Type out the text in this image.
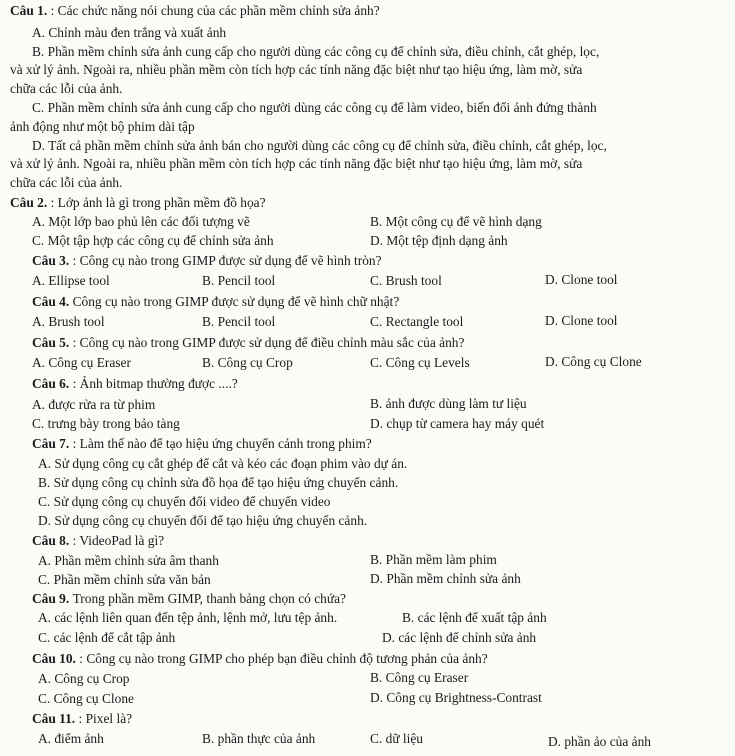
Câu 1. : Các chức năng nói chung của các phần mềm chỉnh sửa ảnh?
A. Chỉnh màu đen trắng và xuất ảnh
B. Phần mềm chỉnh sửa ảnh cung cấp cho người dùng các công cụ để chỉnh sửa, điều chỉnh, cắt ghép, lọc,
và xử lý ảnh. Ngoài ra, nhiều phần mềm còn tích hợp các tính năng đặc biệt như tạo hiệu ứng, làm mờ, sửa
chữa các lỗi của ảnh.
C. Phần mềm chỉnh sửa ảnh cung cấp cho người dùng các công cụ để làm video, biến đổi ảnh đứng thành
ảnh động như một bộ phim dài tập
D. Tất cả phần mềm chỉnh sửa ảnh bán cho người dùng các công cụ để chỉnh sửa, điều chỉnh, cắt ghép, lọc,
và xử lý ảnh. Ngoài ra, nhiều phần mềm còn tích hợp các tính năng đặc biệt như tạo hiệu ứng, làm mờ, sửa
chữa các lỗi của ảnh.
Câu 2. : Lớp ảnh là gì trong phần mềm đồ họa?
A. Một lớp bao phủ lên các đối tượng vẽ	B. Một công cụ để vẽ hình dạng
C. Một tập hợp các công cụ để chỉnh sửa ảnh	D. Một tệp định dạng ảnh
Câu 3. : Công cụ nào trong GIMP được sử dụng để vẽ hình tròn?
A. Ellipse tool	B. Pencil tool	C. Brush tool	D. Clone tool
Câu 4. Công cụ nào trong GIMP được sử dụng để vẽ hình chữ nhật?
A. Brush tool	B. Pencil tool	C. Rectangle tool	D. Clone tool
Câu 5. : Công cụ nào trong GIMP được sử dụng để điều chỉnh màu sắc của ảnh?
A. Công cụ Eraser	B. Công cụ Crop	C. Công cụ Levels	D. Công cụ Clone
Câu 6. : Ảnh bitmap thường được ....?
A. được rửa ra từ phim	B. ảnh được dùng làm tư liệu
C. trưng bày trong bảo tàng	D. chụp từ camera hay máy quét
Câu 7. : Làm thế nào để tạo hiệu ứng chuyển cảnh trong phim?
A. Sử dụng công cụ cắt ghép để cắt và kéo các đoạn phim vào dự án.
B. Sử dụng công cụ chỉnh sửa đồ họa để tạo hiệu ứng chuyển cảnh.
C. Sử dụng công cụ chuyển đổi video để chuyển video
D. Sử dụng công cụ chuyển đổi để tạo hiệu ứng chuyển cảnh.
Câu 8. : VideoPad là gì?
A. Phần mềm chỉnh sửa âm thanh	B. Phần mềm làm phim
C. Phần mềm chỉnh sửa văn bản	D. Phần mềm chỉnh sửa ảnh
Câu 9. Trong phần mềm GIMP, thanh bảng chọn có chứa?
A. các lệnh liên quan đến tệp ảnh, lệnh mở, lưu tệp ảnh.	B. các lệnh để xuất tập ảnh
C. các lệnh để cắt tập ảnh	D. các lệnh để chỉnh sửa ảnh
Câu 10. : Công cụ nào trong GIMP cho phép bạn điều chỉnh độ tương phản của ảnh?
A. Công cụ Crop	B. Công cụ Eraser
C. Công cụ Clone	D. Công cụ Brightness-Contrast
Câu 11. : Pixel là?
A. điểm ảnh	B. phần thực của ảnh	C. dữ liệu	D. phần ảo của ảnh
